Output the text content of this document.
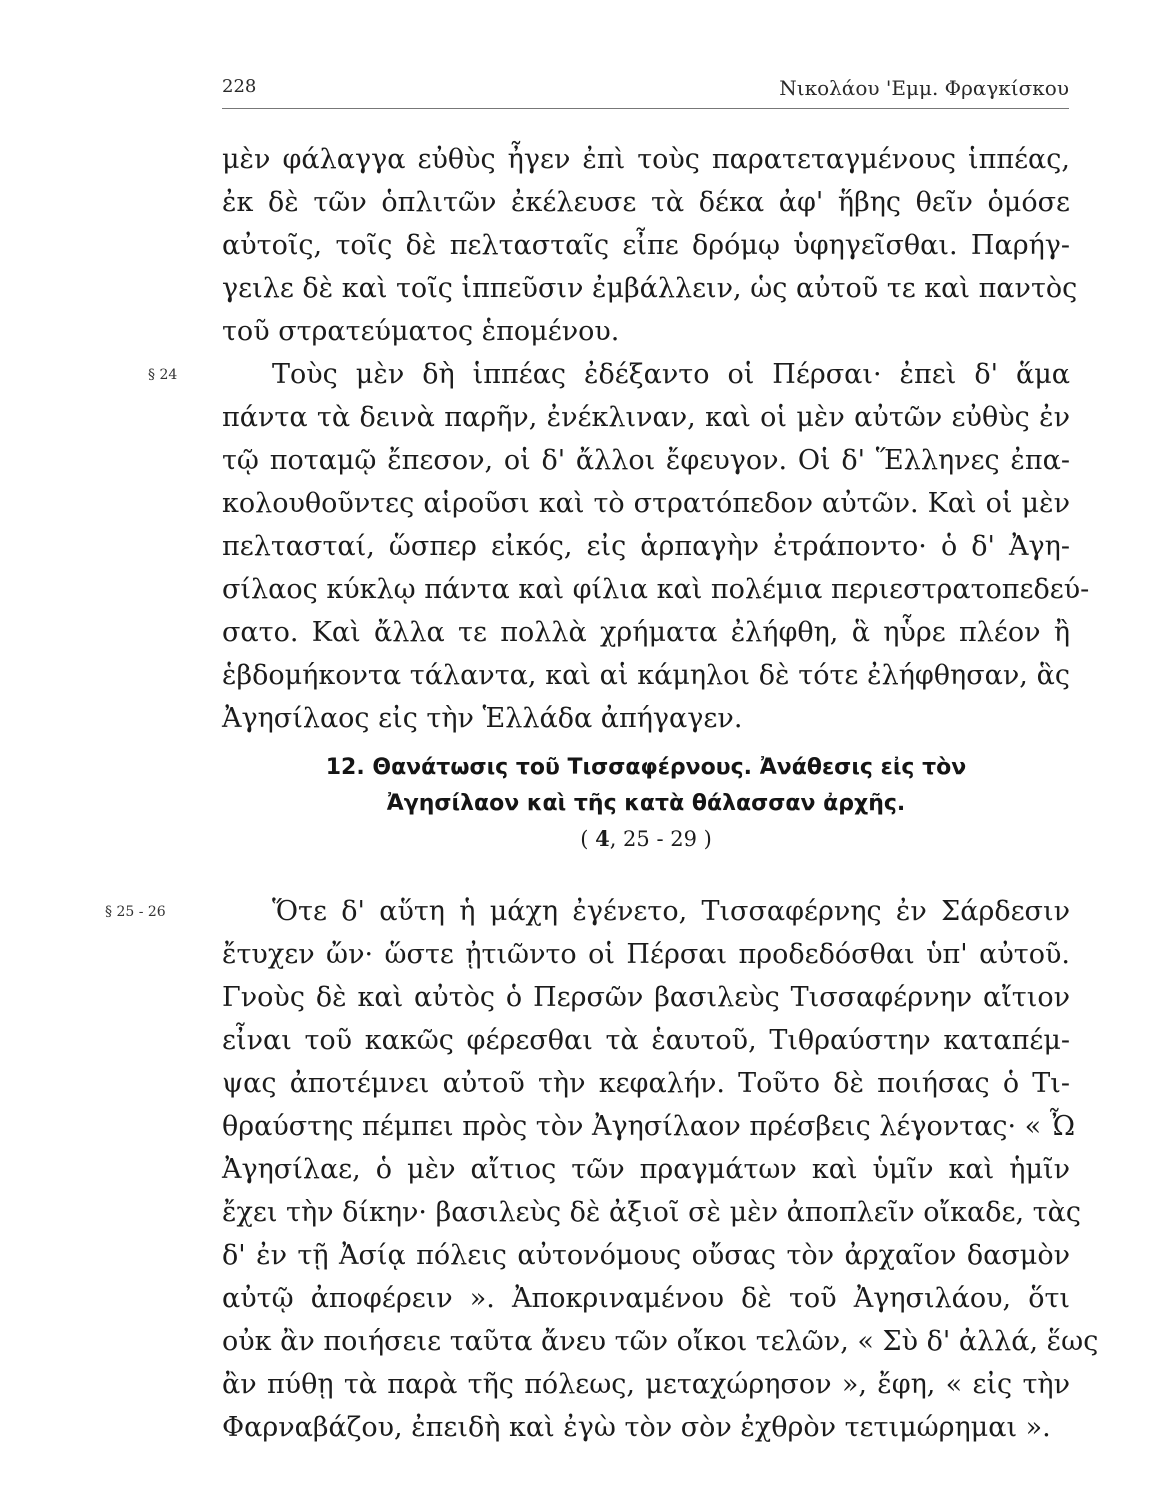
228	Νικολάου 'Εμμ. Φραγκίσκου
μὲν φάλαγγα εὐθὺς ἦγεν ἐπὶ τοὺς παρατεταγμένους ἱππέας,
ἐκ δὲ τῶν ὁπλιτῶν ἐκέλευσε τὰ δέκα ἀφ' ἥβης θεῖν ὁμόσε
αὐτοῖς, τοῖς δὲ πελτασταῖς εἶπε δρόμῳ ὑφηγεῖσθαι. Παρήγ-
γειλε δὲ καὶ τοῖς ἱππεῦσιν ἐμβάλλειν, ὡς αὐτοῦ τε καὶ παντὸς
τοῦ στρατεύματος ἑπομένου.
§ 24	Τοὺς μὲν δὴ ἱππέας ἐδέξαντο οἱ Πέρσαι· ἐπεὶ δ' ἅμα
πάντα τὰ δεινὰ παρῆν, ἐνέκλιναν, καὶ οἱ μὲν αὐτῶν εὐθὺς ἐν
τῷ ποταμῷ ἔπεσον, οἱ δ' ἄλλοι ἔφευγον. Οἱ δ' Ἕλληνες ἐπα-
κολουθοῦντες αἱροῦσι καὶ τὸ στρατόπεδον αὐτῶν. Καὶ οἱ μὲν
πελτασταί, ὥσπερ εἰκός, εἰς ἁρπαγὴν ἐτράποντο· ὁ δ' Ἀγη-
σίλαος κύκλῳ πάντα καὶ φίλια καὶ πολέμια περιεστρατοπεδεύ-
σατο. Καὶ ἄλλα τε πολλὰ χρήματα ἐλήφθη, ἃ ηὗρε πλέον ἢ
ἑβδομήκοντα τάλαντα, καὶ αἱ κάμηλοι δὲ τότε ἐλήφθησαν, ἃς
Ἀγησίλαος εἰς τὴν Ἑλλάδα ἀπήγαγεν.
12. Θανάτωσις τοῦ Τισσαφέρνους. Ἀνάθεσις εἰς τὸν
Ἀγησίλαον καὶ τῆς κατὰ θάλασσαν ἀρχῆς.
( 4, 25 - 29 )
§ 25 - 26	Ὅτε δ' αὕτη ἡ μάχη ἐγένετο, Τισσαφέρνης ἐν Σάρδεσιν
ἔτυχεν ὤν· ὥστε ᾐτιῶντο οἱ Πέρσαι προδεδόσθαι ὑπ' αὐτοῦ.
Γνοὺς δὲ καὶ αὐτὸς ὁ Περσῶν βασιλεὺς Τισσαφέρνην αἴτιον
εἶναι τοῦ κακῶς φέρεσθαι τὰ ἑαυτοῦ, Τιθραύστην καταπέμ-
ψας ἀποτέμνει αὐτοῦ τὴν κεφαλήν. Τοῦτο δὲ ποιήσας ὁ Τι-
θραύστης πέμπει πρὸς τὸν Ἀγησίλαον πρέσβεις λέγοντας· « Ὦ
Ἀγησίλαε, ὁ μὲν αἴτιος τῶν πραγμάτων καὶ ὑμῖν καὶ ἡμῖν
ἔχει τὴν δίκην· βασιλεὺς δὲ ἀξιοῖ σὲ μὲν ἀποπλεῖν οἴκαδε, τὰς
δ' ἐν τῇ Ἀσίᾳ πόλεις αὐτονόμους οὔσας τὸν ἀρχαῖον δασμὸν
αὐτῷ ἀποφέρειν ». Ἀποκριναμένου δὲ τοῦ Ἀγησιλάου, ὅτι
οὐκ ἂν ποιήσειε ταῦτα ἄνευ τῶν οἴκοι τελῶν, « Σὺ δ' ἀλλά, ἕως
ἂν πύθῃ τὰ παρὰ τῆς πόλεως, μεταχώρησον », ἔφη, « εἰς τὴν
Φαρναβάζου, ἐπειδὴ καὶ ἐγὼ τὸν σὸν ἐχθρὸν τετιμώρημαι ».
